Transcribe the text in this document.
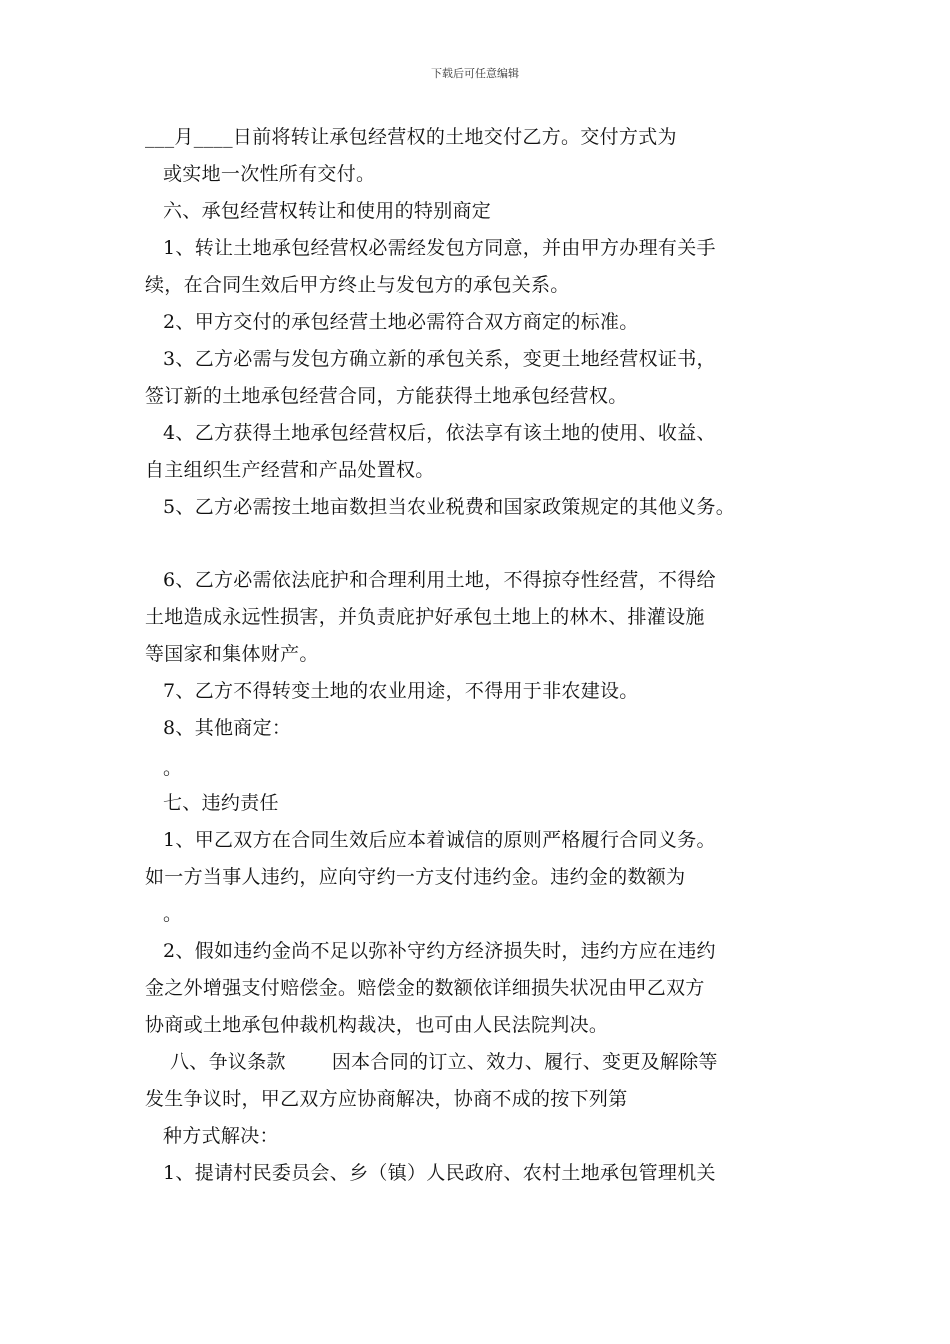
下载后可任意编辑
___月____日前将转让承包经营权的土地交付乙方。交付方式为
或实地一次性所有交付。
六、承包经营权转让和使用的特别商定
1、转让土地承包经营权必需经发包方同意，并由甲方办理有关手
续，在合同生效后甲方终止与发包方的承包关系。
2、甲方交付的承包经营土地必需符合双方商定的标准。
3、乙方必需与发包方确立新的承包关系，变更土地经营权证书，
签订新的土地承包经营合同，方能获得土地承包经营权。
4、乙方获得土地承包经营权后，依法享有该土地的使用、收益、
自主组织生产经营和产品处置权。
5、乙方必需按土地亩数担当农业税费和国家政策规定的其他义务。
6、乙方必需依法庇护和合理利用土地，不得掠夺性经营，不得给
土地造成永远性损害，并负责庇护好承包土地上的林木、排灌设施
等国家和集体财产。
7、乙方不得转变土地的农业用途，不得用于非农建设。
8、其他商定：
。
七、违约责任
1、甲乙双方在合同生效后应本着诚信的原则严格履行合同义务。
如一方当事人违约，应向守约一方支付违约金。违约金的数额为
。
2、假如违约金尚不足以弥补守约方经济损失时，违约方应在违约
金之外增强支付赔偿金。赔偿金的数额依详细损失状况由甲乙双方
协商或土地承包仲裁机构裁决，也可由人民法院判决。
八、争议条款 因本合同的订立、效力、履行、变更及解除等
发生争议时，甲乙双方应协商解决，协商不成的按下列第
种方式解决：
1、提请村民委员会、乡（镇）人民政府、农村土地承包管理机关
